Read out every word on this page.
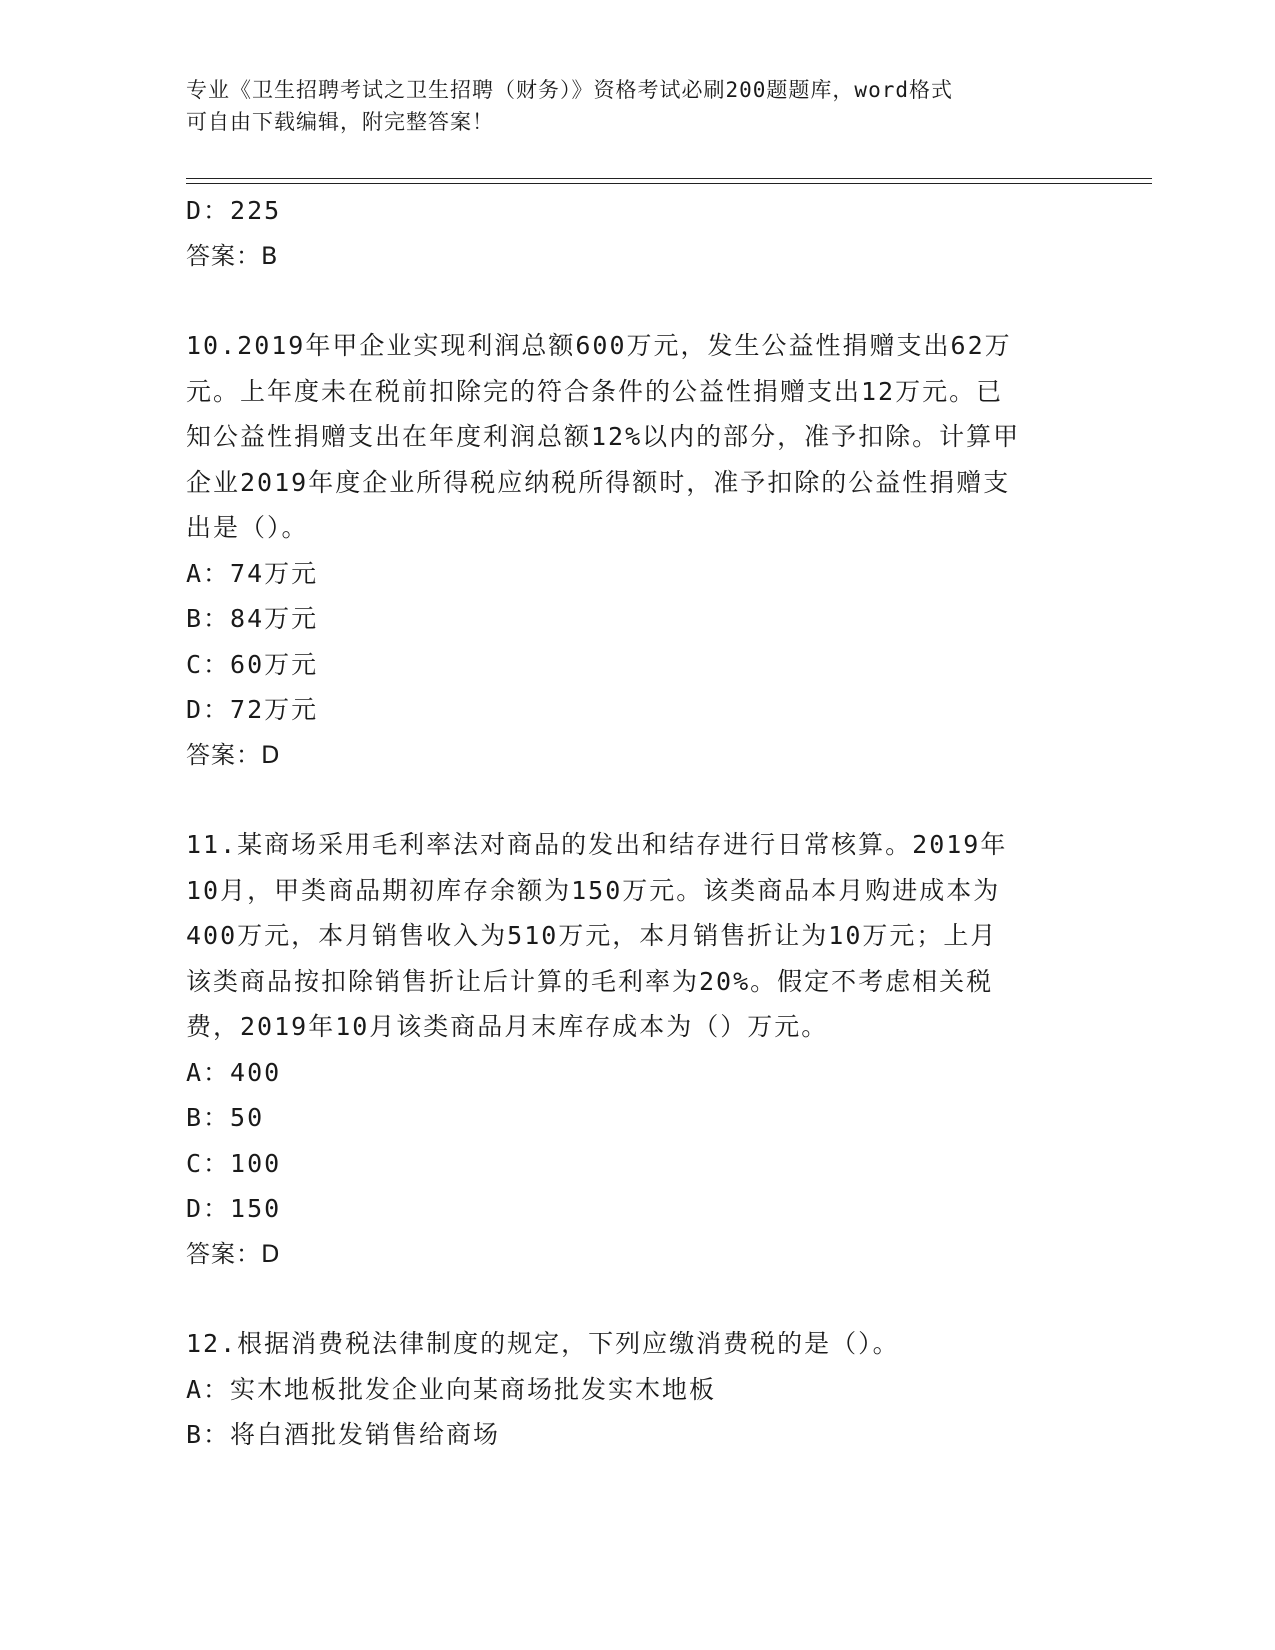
专业《卫生招聘考试之卫生招聘（财务）》资格考试必刷200题题库，word格式
可自由下载编辑，附完整答案！
D：225
答案：B
10.2019年甲企业实现利润总额600万元，发生公益性捐赠支出62万
元。上年度未在税前扣除完的符合条件的公益性捐赠支出12万元。已
知公益性捐赠支出在年度利润总额12%以内的部分，准予扣除。计算甲
企业2019年度企业所得税应纳税所得额时，准予扣除的公益性捐赠支
出是（）。
A：74万元
B：84万元
C：60万元
D：72万元
答案：D
11.某商场采用毛利率法对商品的发出和结存进行日常核算。2019年
10月，甲类商品期初库存余额为150万元。该类商品本月购进成本为
400万元，本月销售收入为510万元，本月销售折让为10万元；上月
该类商品按扣除销售折让后计算的毛利率为20%。假定不考虑相关税
费，2019年10月该类商品月末库存成本为（）万元。
A：400
B：50
C：100
D：150
答案：D
12.根据消费税法律制度的规定，下列应缴消费税的是（）。
A：实木地板批发企业向某商场批发实木地板
B：将白酒批发销售给商场
